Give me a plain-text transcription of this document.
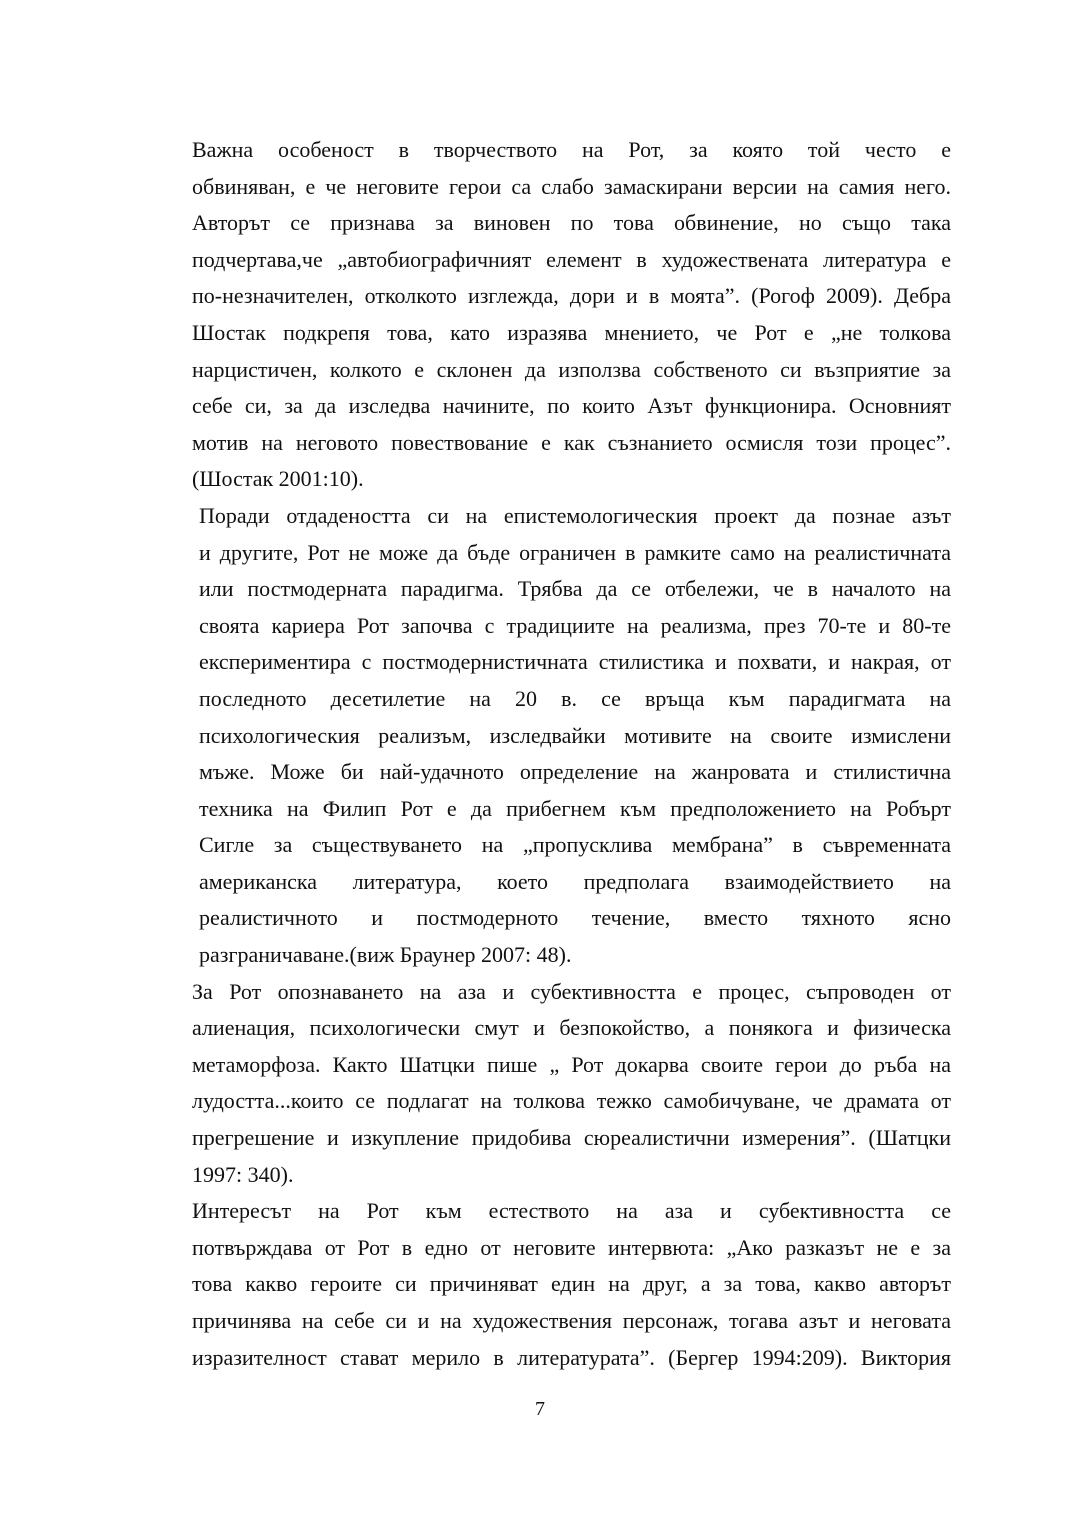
Важна особеност в творчеството на Рот, за която той често е
обвиняван, е че неговите герои са слабо замаскирани версии на самия него.
Авторът се признава за виновен по това обвинение, но също така
подчертава,че „автобиографичният елемент в художествената литература е
по-незначителен, отколкото изглежда, дори и в моята”. (Рогоф 2009). Дебра
Шостак подкрепя това, като изразява мнението, че Рот е „не толкова
нарцистичен, колкото е склонен да използва собственото си възприятие за
себе си, за да изследва начините, по които Азът функционира. Основният
мотив на неговото повествование е как съзнанието осмисля този процес”.
(Шостак 2001:10).

Поради отдадеността си на епистемологическия проект да познае азът
и другите, Рот не може да бъде ограничен в рамките само на реалистичната
или постмодерната парадигма. Трябва да се отбележи, че в началото на
своята кариера Рот започва с традициите на реализма, през 70-те и 80-те
експериментира с постмодернистичната стилистика и похвати, и накрая, от
последното десетилетие на 20 в. се връща към парадигмата на
психологическия реализъм, изследвайки мотивите на своите измислени
мъже. Може би най-удачното определение на жанровата и стилистична
техника на Филип Рот е да прибегнем към предположението на Робърт
Сигле за съществуването на „пропусклива мембрана” в съвременната
американска литература, което предполага взаимодействието на
реалистичното и постмодерното течение, вместо тяхното ясно
разграничаване.(виж Браунер 2007: 48).

За Рот опознаването на аза и субективността е процес, съпроводен от
алиенация, психологически смут и безпокойство, а понякога и физическа
метаморфоза. Както Шатцки пише „ Рот докарва своите герои до ръба на
лудостта...които се подлагат на толкова тежко самобичуване, че драмата от
прегрешение и изкупление придобива сюреалистични измерения”. (Шатцки
1997: 340).

Интересът на Рот към естеството на аза и субективността се
потвърждава от Рот в едно от неговите интервюта: „Ако разказът не е за
това какво героите си причиняват един на друг, а за това, какво авторът
причинява на себе си и на художествения персонаж, тогава азът и неговата
изразителност стават мерило в литературата”. (Бергер 1994:209). Виктория

7
